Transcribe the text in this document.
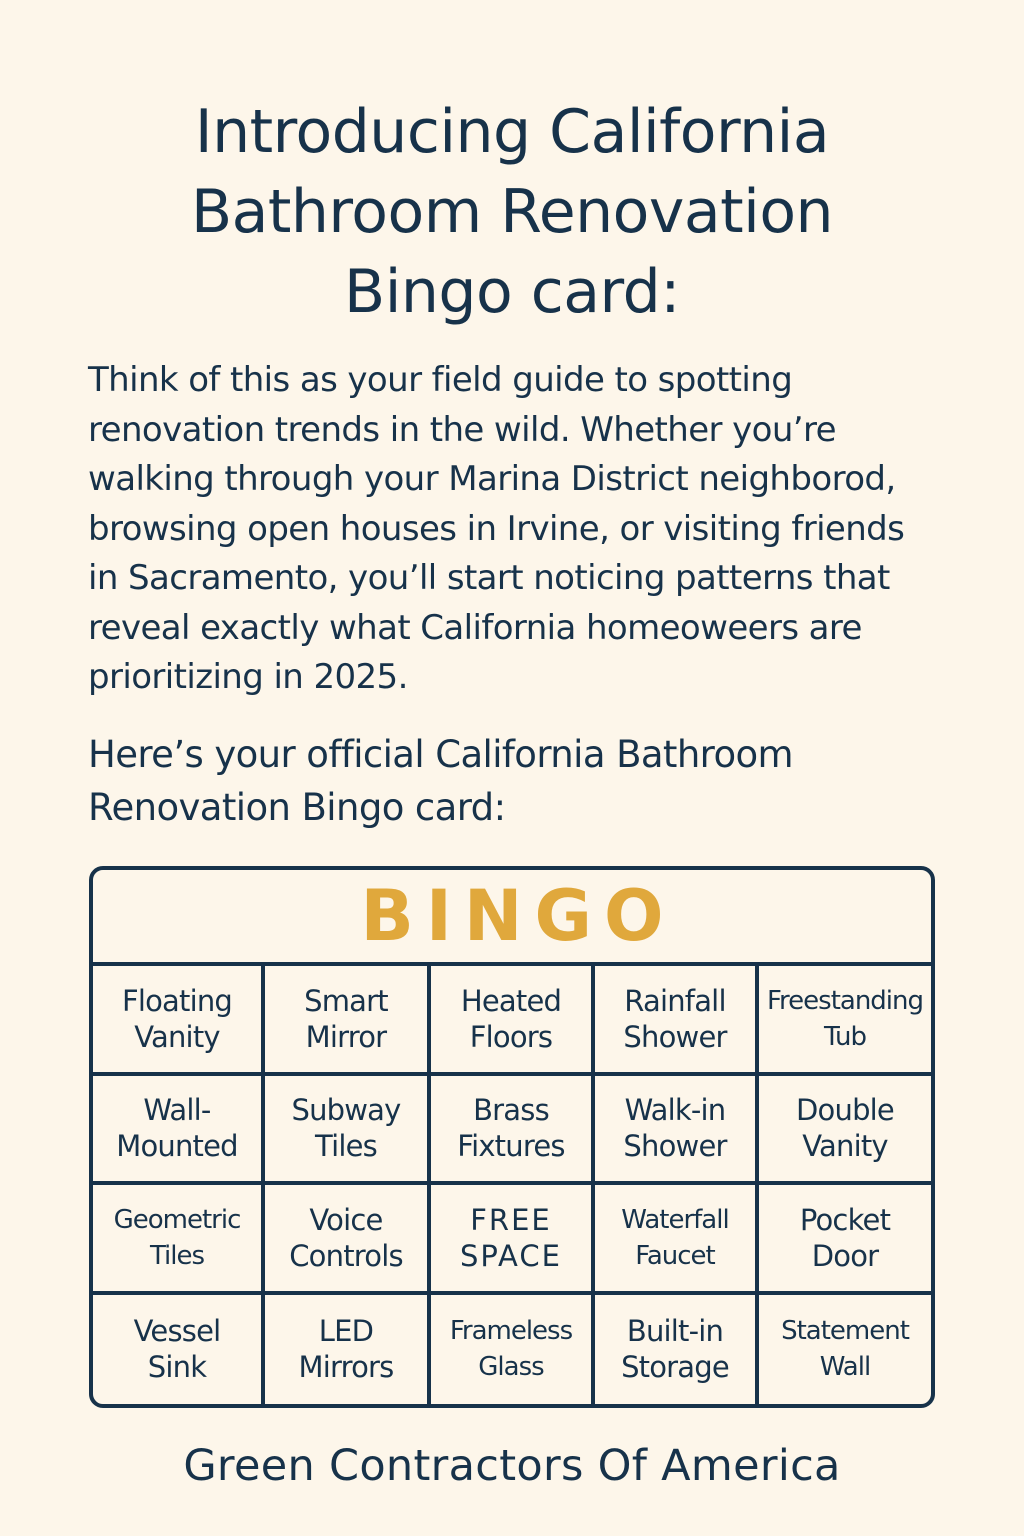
Introducing California
Bathroom Renovation
Bingo card:

Think of this as your field guide to spotting
renovation trends in the wild. Whether you’re
walking through your Marina District neighborod,
browsing open houses in Irvine, or visiting friends
in Sacramento, you’ll start noticing patterns that
reveal exactly what California homeoweers are
prioritizing in 2025.

Here’s your official California Bathroom
Renovation Bingo card:
BINGO
Floating
Vanity
Smart
Mirror
Heated
Floors
Rainfall
Shower
Freestanding
Tub
Wall-
Mounted
Subway
Tiles
Brass
Fixtures
Walk-in
Shower
Double
Vanity
Geometric
Tiles
Voice
Controls
FREE
SPACE
Waterfall
Faucet
Pocket
Door
Vessel
Sink
LED
Mirrors
Frameless
Glass
Built-in
Storage
Statement
Wall

Green Contractors Of America
